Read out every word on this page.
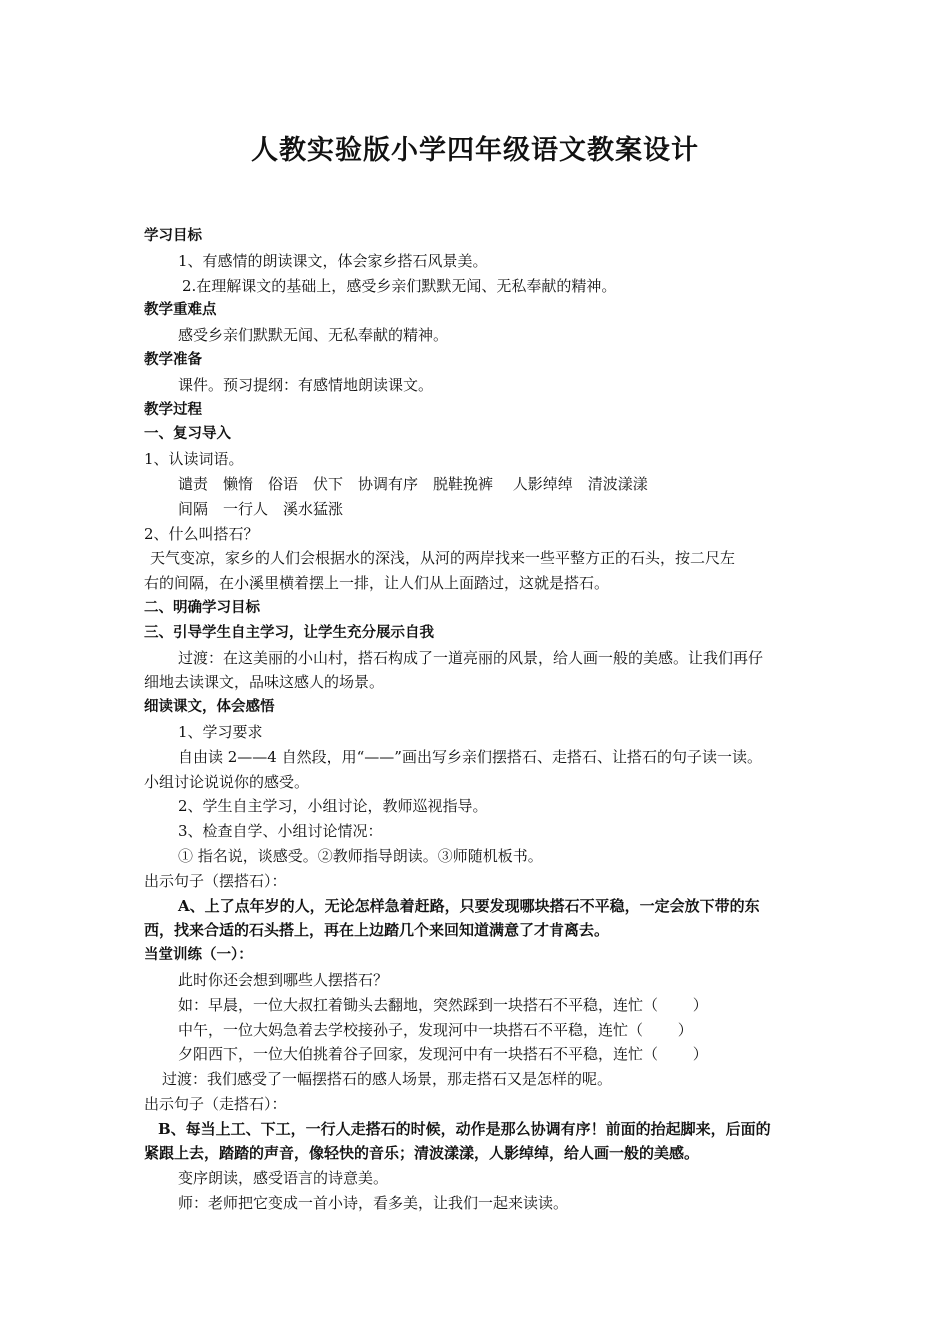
人教实验版小学四年级语文教案设计
学习目标
1、有感情的朗读课文，体会家乡搭石风景美。
2.在理解课文的基础上，感受乡亲们默默无闻、无私奉献的精神。
教学重难点
感受乡亲们默默无闻、无私奉献的精神。
教学准备
课件。预习提纲：有感情地朗读课文。
教学过程
一、复习导入
1、认读词语。
谴责　懒惰　俗语　伏下　协调有序　脱鞋挽裤　 人影绰绰　清波漾漾
间隔　一行人　溪水猛涨
2、什么叫搭石？
天气变凉，家乡的人们会根据水的深浅，从河的两岸找来一些平整方正的石头，按二尺左
右的间隔，在小溪里横着摆上一排，让人们从上面踏过，这就是搭石。
二、明确学习目标
三、引导学生自主学习，让学生充分展示自我
过渡：在这美丽的小山村，搭石构成了一道亮丽的风景，给人画一般的美感。让我们再仔
细地去读课文，品味这感人的场景。
细读课文，体会感悟
1、学习要求
自由读 2——4 自然段，用“——”画出写乡亲们摆搭石、走搭石、让搭石的句子读一读。
小组讨论说说你的感受。
2、学生自主学习，小组讨论，教师巡视指导。
3、检查自学、小组讨论情况：
① 指名说，谈感受。②教师指导朗读。③师随机板书。
出示句子（摆搭石）：
A、上了点年岁的人，无论怎样急着赶路，只要发现哪块搭石不平稳，一定会放下带的东
西，找来合适的石头搭上，再在上边踏几个来回知道满意了才肯离去。
当堂训练（一）：
此时你还会想到哪些人摆搭石？
如：早晨，一位大叔扛着锄头去翻地，突然踩到一块搭石不平稳，连忙（　　 ）
中午，一位大妈急着去学校接孙子，发现河中一块搭石不平稳，连忙（　　 ）
夕阳西下，一位大伯挑着谷子回家，发现河中有一块搭石不平稳，连忙（　　 ）
过渡：我们感受了一幅摆搭石的感人场景，那走搭石又是怎样的呢。
出示句子（走搭石）：
B、每当上工、下工，一行人走搭石的时候，动作是那么协调有序！前面的抬起脚来，后面的
紧跟上去，踏踏的声音，像轻快的音乐；清波漾漾，人影绰绰，给人画一般的美感。
变序朗读，感受语言的诗意美。
师：老师把它变成一首小诗，看多美，让我们一起来读读。
